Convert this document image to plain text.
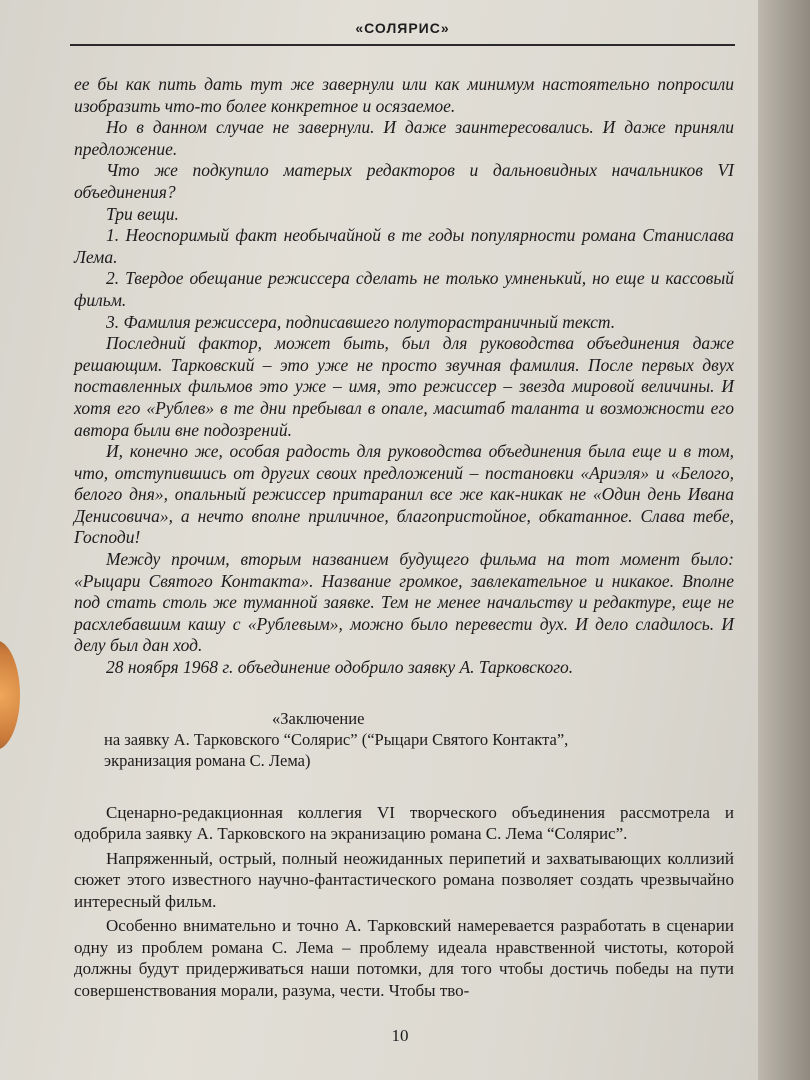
«СОЛЯРИС»

ее бы как пить дать тут же завернули или как минимум настоятельно попросили изобразить что-то более конкретное и осязаемое.

Но в данном случае не завернули. И даже заинтересовались. И даже приняли предложение.

Что же подкупило матерых редакторов и дальновидных начальников VI объединения?

Три вещи.

1. Неоспоримый факт необычайной в те годы популярности романа Станислава Лема.

2. Твердое обещание режиссера сделать не только умненький, но еще и кассовый фильм.

3. Фамилия режиссера, подписавшего полуторастраничный текст.

Последний фактор, может быть, был для руководства объединения даже решающим. Тарковский – это уже не просто звучная фамилия. После первых двух поставленных фильмов это уже – имя, это режиссер – звезда мировой величины. И хотя его «Рублев» в те дни пребывал в опале, масштаб таланта и возможности его автора были вне подозрений.

И, конечно же, особая радость для руководства объединения была еще и в том, что, отступившись от других своих предложений – постановки «Ариэля» и «Белого, белого дня», опальный режиссер притаранил все же как-никак не «Один день Ивана Денисовича», а нечто вполне приличное, благопристойное, обкатанное. Слава тебе, Господи!

Между прочим, вторым названием будущего фильма на тот момент было: «Рыцари Святого Контакта». Название громкое, завлекательное и никакое. Вполне под стать столь же туманной заявке. Тем не менее начальству и редактуре, еще не расхлебавшим кашу с «Рублевым», можно было перевести дух. И дело сладилось. И делу был дан ход.

28 ноября 1968 г. объединение одобрило заявку А. Тарковского.

«Заключение
на заявку А. Тарковского “Солярис” (“Рыцари Святого Контакта”,
экранизация романа С. Лема)

Сценарно-редакционная коллегия VI творческого объединения рассмотрела и одобрила заявку А. Тарковского на экранизацию романа С. Лема “Солярис”.

Напряженный, острый, полный неожиданных перипетий и захватывающих коллизий сюжет этого известного научно-фантастического романа позволяет создать чрезвычайно интересный фильм.

Особенно внимательно и точно А. Тарковский намеревается разработать в сценарии одну из проблем романа С. Лема – проблему идеала нравственной чистоты, которой должны будут придерживаться наши потомки, для того чтобы достичь победы на пути совершенствования морали, разума, чести. Чтобы тво-

10
